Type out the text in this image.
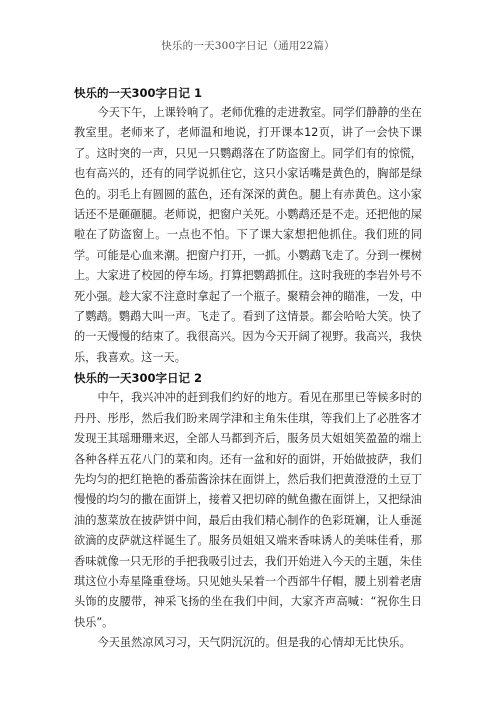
快乐的一天300字日记（通用22篇）
快乐的一天300字日记 1

今天下午，上课铃响了。老师优雅的走进教室。同学们静静的坐在教室里。老师来了，老师温和地说，打开课本12页，讲了一会快下课了。这时突的一声，只见一只鹦鹉落在了防盗窗上。同学们有的惊慌，也有高兴的，还有的同学说抓住它，这只小家话嘴是黄色的，胸部是绿色的。羽毛上有圆圆的蓝色，还有深深的黄色。腿上有赤黄色。这小家话还不是砸砸腿。老师说，把窗户关死。小鹦鹉还是不走。还把他的屎啦在了防盗窗上。一点也不怕。下了课大家想把他抓住。我们班的同学。可能是心血来潮。把窗户打开，一抓。小鹦鹉飞走了。分到一棵树上。大家进了校园的停车场。打算把鹦鹉抓住。这时我班的李岩外号不死小强。趁大家不注意时拿起了一个瓶子。聚精会神的瞄准，一发，中了鹦鹉。鹦鹉大叫一声。飞走了。看到了这情景。都会哈哈大笑。快了的一天慢慢的结束了。我很高兴。因为今天开阔了视野。我高兴，我快乐，我喜欢。这一天。

快乐的一天300字日记 2

中午，我兴冲冲的赶到我们约好的地方。看见在那里已等候多时的丹丹、彤彤，然后我们盼来周学津和主角朱佳琪，等我们上了必胜客才发现王其瑶珊珊来迟，全部人马都到齐后，服务员大姐姐笑盈盈的端上各种各样五花八门的菜和肉。还有一盆和好的面饼，开始做披萨，我们先均匀的把红艳艳的番茄酱涂抹在面饼上，然后我们把黄澄澄的土豆丁慢慢的均匀的撒在面饼上，接着又把切碎的鱿鱼撒在面饼上，又把绿油油的葱菜放在披萨饼中间，最后由我们精心制作的色彩斑斓，让人垂涎欲滴的皮萨就这样诞生了。服务员姐姐又端来香味诱人的美味佳肴，那香味就像一只无形的手把我吸引过去，我们开始进入今天的主题，朱佳琪这位小寿星隆重登场。只见她头呆着一个西部牛仔帽，腰上别着老唐头饰的皮腰带，神采飞扬的坐在我们中间，大家齐声高喊：“祝你生日快乐”。

今天虽然凉风习习，天气阴沉沉的。但是我的心情却无比快乐。
